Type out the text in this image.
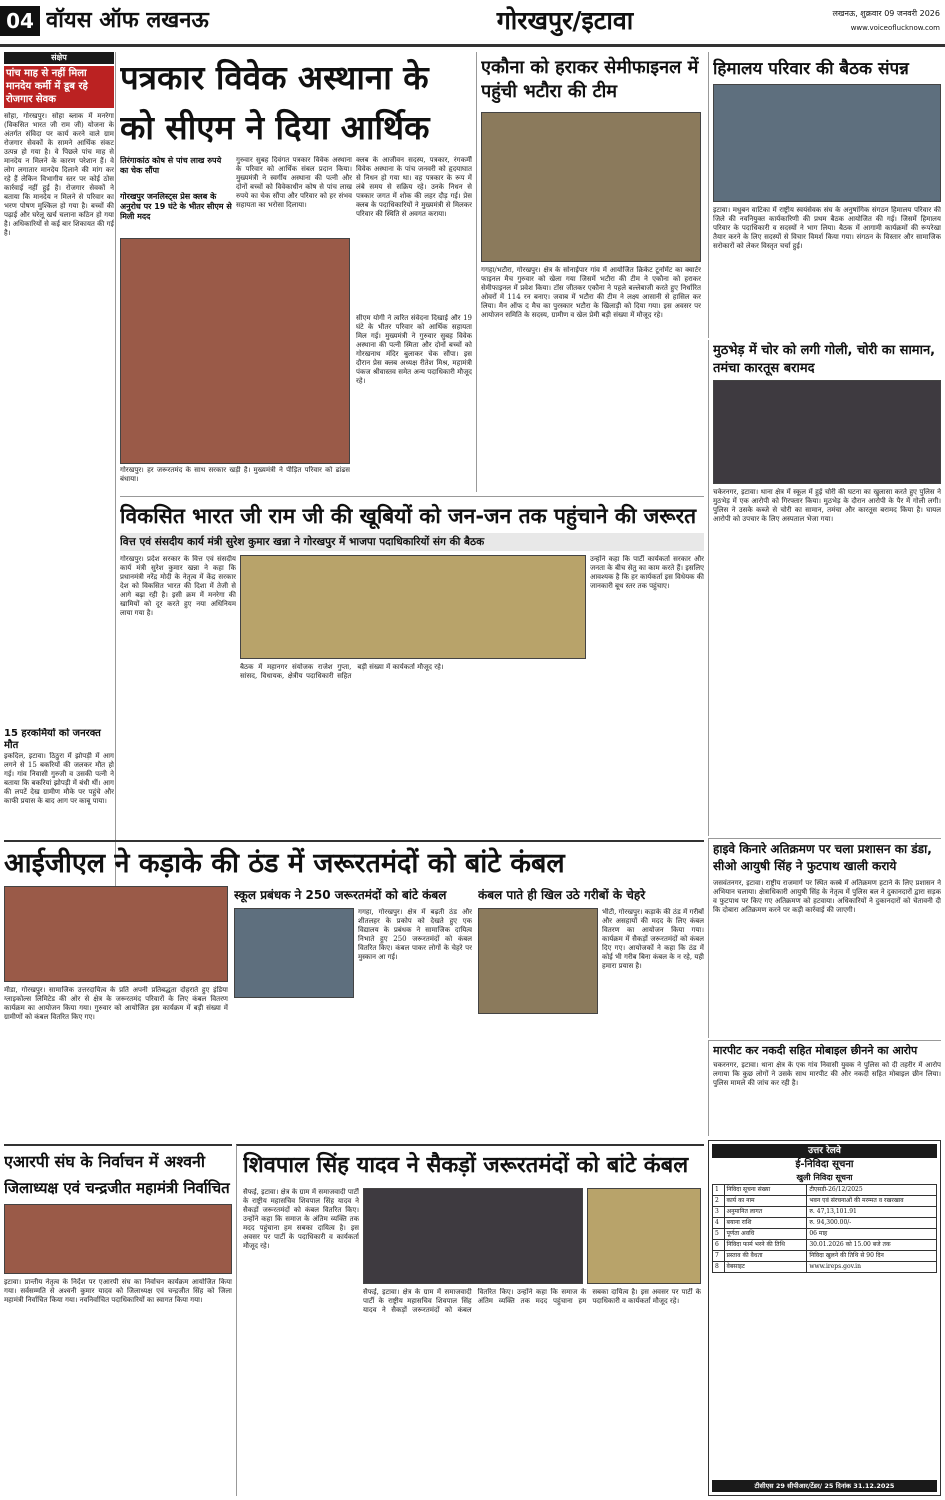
04 वॉयस ऑफ लखनऊ	गोरखपुर/इटावा	लखनऊ, शुक्रवार 09 जनवरी 2026
www.voiceoflucknow.com
संक्षेप
पांच माह से नहीं मिला मानदेय कर्मी में डूब रहे रोजगार सेवक
सोहा, गोरखपुर। सोहा ब्लाक में मनरेगा (विकसित भारत जी राम जी) योजना के अंतर्गत संविदा पर कार्य करने वाले ग्राम रोजगार सेवकों के सामने आर्थिक संकट उत्पन्न हो गया है। वे पिछले पांच माह से मानदेय न मिलने के कारण परेशान हैं। वे लोग लगातार मानदेय दिलाने की मांग कर रहे हैं लेकिन विभागीय स्तर पर कोई ठोस कार्रवाई नहीं हुई है। रोजगार सेवकों ने बताया कि मानदेय न मिलने से परिवार का भरण पोषण मुश्किल हो गया है। बच्चों की पढ़ाई और घरेलू खर्च चलाना कठिन हो गया है। अधिकारियों से कई बार शिकायत की गई है।
15 हरकर्मियों को जनरक्त मौत
इकदिल, इटावा। ठिठुरा में झोपड़ी में आग लगने से 15 बकरियों की जलकर मौत हो गई। गांव निवासी गुरुजी व उसकी पत्नी ने बताया कि बकरियां झोपड़ी में बंधी थीं। आग की लपटें देख ग्रामीण मौके पर पहुंचे और काफी प्रयास के बाद आग पर काबू पाया।
पत्रकार विवेक अस्थाना के
को सीएम ने दिया आर्थिक
तिरंगाकांठ कोष से पांच लाख रुपये का चेक सौंपा
गोरखपुर जनलिस्ट्स प्रेस क्लब के अनुरोध पर 19 घंटे के भीतर सीएम से मिली मदद
गोरखपुर। हर जरूरतमंद के साथ सरकार खड़ी है। मुख्यमंत्री ने पीड़ित परिवार को ढांढस बंधाया।
गुरुवार सुबह दिवंगत पत्रकार विवेक अस्थाना के परिवार को आर्थिक संबल प्रदान किया। मुख्यमंत्री ने स्वर्गीय अस्थाना की पत्नी और दोनों बच्चों को विवेकाधीन कोष से पांच लाख रुपये का चेक सौंपा और परिवार को हर संभव सहायता का भरोसा दिलाया।
क्लब के आजीवन सदस्य, पत्रकार, रंगकर्मी विवेक अस्थाना के पांच जनवरी को हृदयाघात से निधन हो गया था। वह पत्रकार के रूप में लंबे समय से सक्रिय रहे। उनके निधन से पत्रकार जगत में शोक की लहर दौड़ गई। प्रेस क्लब के पदाधिकारियों ने मुख्यमंत्री से मिलकर परिवार की स्थिति से अवगत कराया।
सीएम योगी ने त्वरित संवेदना दिखाई और 19 घंटे के भीतर परिवार को आर्थिक सहायता मिल गई। मुख्यमंत्री ने गुरुवार सुबह विवेक अस्थाना की पत्नी स्मिता और दोनों बच्चों को गोरखनाथ मंदिर बुलाकर चेक सौंपा। इस दौरान प्रेस क्लब अध्यक्ष रीतेश मिश्र, महामंत्री पंकज श्रीवास्तव समेत अन्य पदाधिकारी मौजूद रहे।
एकौना को हराकर सेमीफाइनल में पहुंची भटौरा की टीम
गगहा/भटौरा, गोरखपुर। क्षेत्र के सोनाईपार गांव में आयोजित क्रिकेट टूर्नामेंट का क्वार्टर फाइनल मैच गुरुवार को खेला गया जिसमें भटौरा की टीम ने एकौना को हराकर सेमीफाइनल में प्रवेश किया। टॉस जीतकर एकौना ने पहले बल्लेबाजी करते हुए निर्धारित ओवरों में 114 रन बनाए। जवाब में भटौरा की टीम ने लक्ष्य आसानी से हासिल कर लिया। मैन ऑफ द मैच का पुरस्कार भटौरा के खिलाड़ी को दिया गया। इस अवसर पर आयोजन समिति के सदस्य, ग्रामीण व खेल प्रेमी बड़ी संख्या में मौजूद रहे।
हिमालय परिवार की बैठक संपन्न
इटावा। मधुबन वाटिका में राष्ट्रीय स्वयंसेवक संघ के अनुषांगिक संगठन हिमालय परिवार की जिले की नवनियुक्त कार्यकारिणी की प्रथम बैठक आयोजित की गई। जिसमें हिमालय परिवार के पदाधिकारी व सदस्यों ने भाग लिया। बैठक में आगामी कार्यक्रमों की रूपरेखा तैयार करने के लिए सदस्यों से विचार विमर्श किया गया। संगठन के विस्तार और सामाजिक सरोकारों को लेकर विस्तृत चर्चा हुई।
मुठभेड़ में चोर को लगी गोली, चोरी का सामान, तमंचा कारतूस बरामद
चकेरनगर, इटावा। थाना क्षेत्र में स्कूल में हुई चोरी की घटना का खुलासा करते हुए पुलिस ने मुठभेड़ में एक आरोपी को गिरफ्तार किया। मुठभेड़ के दौरान आरोपी के पैर में गोली लगी। पुलिस ने उसके कब्जे से चोरी का सामान, तमंचा और कारतूस बरामद किया है। घायल आरोपी को उपचार के लिए अस्पताल भेजा गया।
विकसित भारत जी राम जी की खूबियों को जन-जन तक पहुंचाने की जरूरत
वित्त एवं संसदीय कार्य मंत्री सुरेश कुमार खन्ना ने गोरखपुर में भाजपा पदाधिकारियों संग की बैठक
गोरखपुर। प्रदेश सरकार के वित्त एवं संसदीय कार्य मंत्री सुरेश कुमार खन्ना ने कहा कि प्रधानमंत्री नरेंद्र मोदी के नेतृत्व में केंद्र सरकार देश को विकसित भारत की दिशा में तेजी से आगे बढ़ा रही है। इसी क्रम में मनरेगा की खामियों को दूर करते हुए नया अधिनियम लाया गया है।
उन्होंने कहा कि पार्टी कार्यकर्ता सरकार और जनता के बीच सेतु का काम करते हैं। इसलिए आवश्यक है कि हर कार्यकर्ता इस विधेयक की जानकारी बूथ स्तर तक पहुंचाए।
बैठक में महानगर संयोजक राजेश गुप्ता, सांसद, विधायक, क्षेत्रीय पदाधिकारी सहित बड़ी संख्या में कार्यकर्ता मौजूद रहे।
हाइवे किनारे अतिक्रमण पर चला प्रशासन का डंडा, सीओ आयुषी सिंह ने फुटपाथ खाली कराये
जसवंतनगर, इटावा। राष्ट्रीय राजमार्ग पर स्थित कस्बे में अतिक्रमण हटाने के लिए प्रशासन ने अभियान चलाया। क्षेत्राधिकारी आयुषी सिंह के नेतृत्व में पुलिस बल ने दुकानदारों द्वारा सड़क व फुटपाथ पर किए गए अतिक्रमण को हटवाया। अधिकारियों ने दुकानदारों को चेतावनी दी कि दोबारा अतिक्रमण करने पर कड़ी कार्रवाई की जाएगी।
आईजीएल ने कड़ाके की ठंड में जरूरतमंदों को बांटे कंबल
मीडा, गोरखपुर। सामाजिक उत्तरदायित्व के प्रति अपनी प्रतिबद्धता दोहराते हुए इंडिया ग्लाइकोल्स लिमिटेड की ओर से क्षेत्र के जरूरतमंद परिवारों के लिए कंबल वितरण कार्यक्रम का आयोजन किया गया। गुरुवार को आयोजित इस कार्यक्रम में बड़ी संख्या में ग्रामीणों को कंबल वितरित किए गए।
स्कूल प्रबंधक ने 250 जरूरतमंदों को बांटे कंबल
गगहा, गोरखपुर। क्षेत्र में बढ़ती ठंड और शीतलहर के प्रकोप को देखते हुए एक विद्यालय के प्रबंधक ने सामाजिक दायित्व निभाते हुए 250 जरूरतमंदों को कंबल वितरित किए। कंबल पाकर लोगों के चेहरे पर मुस्कान आ गई।
कंबल पाते ही खिल उठे गरीबों के चेहरे
भीटी, गोरखपुर। कड़ाके की ठंड में गरीबों और असहायों की मदद के लिए कंबल वितरण का आयोजन किया गया। कार्यक्रम में सैकड़ों जरूरतमंदों को कंबल दिए गए। आयोजकों ने कहा कि ठंड में कोई भी गरीब बिना कंबल के न रहे, यही हमारा प्रयास है।
मारपीट कर नकदी सहित मोबाइल छीनने का आरोप
चकरनगर, इटावा। थाना क्षेत्र के एक गांव निवासी युवक ने पुलिस को दी तहरीर में आरोप लगाया कि कुछ लोगों ने उसके साथ मारपीट की और नकदी सहित मोबाइल छीन लिया। पुलिस मामले की जांच कर रही है।
एआरपी संघ के निर्वाचन में अश्वनी
जिलाध्यक्ष एवं चन्द्रजीत महामंत्री निर्वाचित
इटावा। प्रान्तीय नेतृत्व के निर्देश पर एआरपी संघ का निर्वाचन कार्यक्रम आयोजित किया गया। सर्वसम्मति से अश्वनी कुमार यादव को जिलाध्यक्ष एवं चन्द्रजीत सिंह को जिला महामंत्री निर्वाचित किया गया। नवनिर्वाचित पदाधिकारियों का स्वागत किया गया।
शिवपाल सिंह यादव ने सैकड़ों जरूरतमंदों को बांटे कंबल
सैफई, इटावा। क्षेत्र के ग्राम में समाजवादी पार्टी के राष्ट्रीय महासचिव शिवपाल सिंह यादव ने सैकड़ों जरूरतमंदों को कंबल वितरित किए। उन्होंने कहा कि समाज के अंतिम व्यक्ति तक मदद पहुंचाना हम सबका दायित्व है। इस अवसर पर पार्टी के पदाधिकारी व कार्यकर्ता मौजूद रहे।
सैफई, इटावा। क्षेत्र के ग्राम में समाजवादी पार्टी के राष्ट्रीय महासचिव शिवपाल सिंह यादव ने सैकड़ों जरूरतमंदों को कंबल वितरित किए। उन्होंने कहा कि समाज के अंतिम व्यक्ति तक मदद पहुंचाना हम सबका दायित्व है। इस अवसर पर पार्टी के पदाधिकारी व कार्यकर्ता मौजूद रहे।
उत्तर रेलवे
ई-निविदा सूचना
खुली निविदा सूचना
1	निविदा सूचना संख्या	टीएसडी-26/12/2025
2	कार्य का नाम	भवन एवं संरचनाओं की मरम्मत व रखरखाव
3	अनुमानित लागत	रु. 47,13,101.91
4	बयाना राशि	रु. 94,300.00/-
5	पूर्णता अवधि	06 माह
6	निविदा फार्म भरने की तिथि	30.01.2026 को 15.00 बजे तक
7	प्रस्ताव की वैधता	निविदा खुलने की तिथि से 90 दिन
8	वेबसाइट	www.ireps.gov.in
टीसीएस 29 सीपीआर/टेंडर/ 25 दिनांक 31.12.2025
